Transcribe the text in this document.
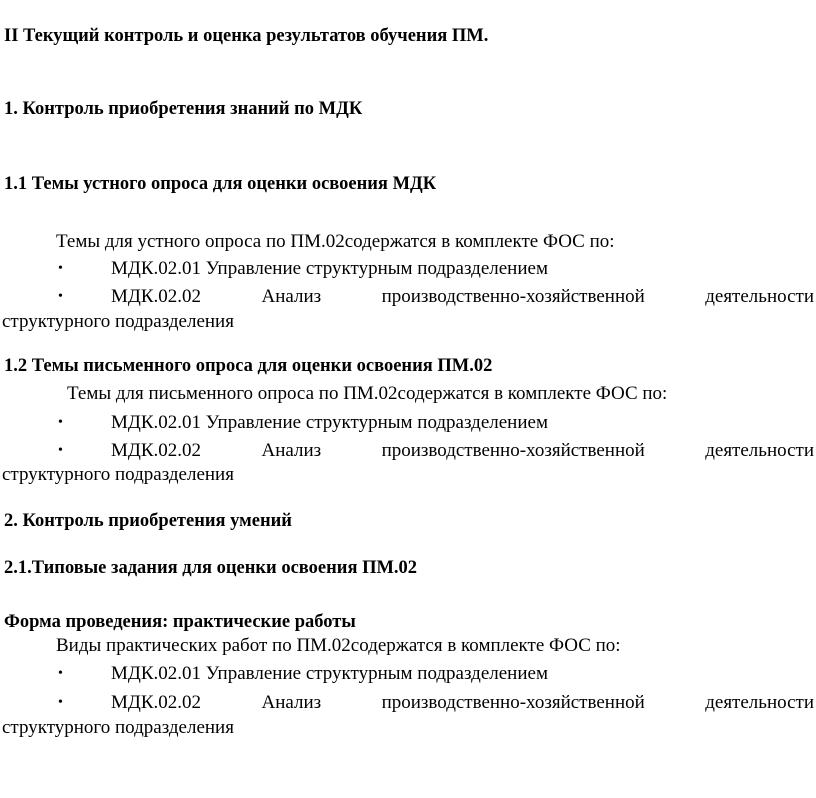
II Текущий контроль и оценка результатов обучения ПМ.
1. Контроль приобретения знаний по МДК
1.1 Темы устного опроса для оценки освоения МДК
Темы для устного опроса по ПМ.02содержатся в комплекте ФОС по:
•	МДК.02.01 Управление структурным подразделением
•	МДК.02.02	Анализ	производственно-хозяйственной	деятельности
структурного подразделения
1.2 Темы письменного опроса для оценки освоения ПМ.02
Темы для письменного опроса по ПМ.02содержатся в комплекте ФОС по:
•	МДК.02.01 Управление структурным подразделением
•	МДК.02.02	Анализ	производственно-хозяйственной	деятельности
структурного подразделения
2. Контроль приобретения умений
2.1.Типовые задания для оценки освоения ПМ.02
Форма проведения: практические работы
Виды практических работ по ПМ.02содержатся в комплекте ФОС по:
•	МДК.02.01 Управление структурным подразделением
•	МДК.02.02	Анализ	производственно-хозяйственной	деятельности
структурного подразделения
